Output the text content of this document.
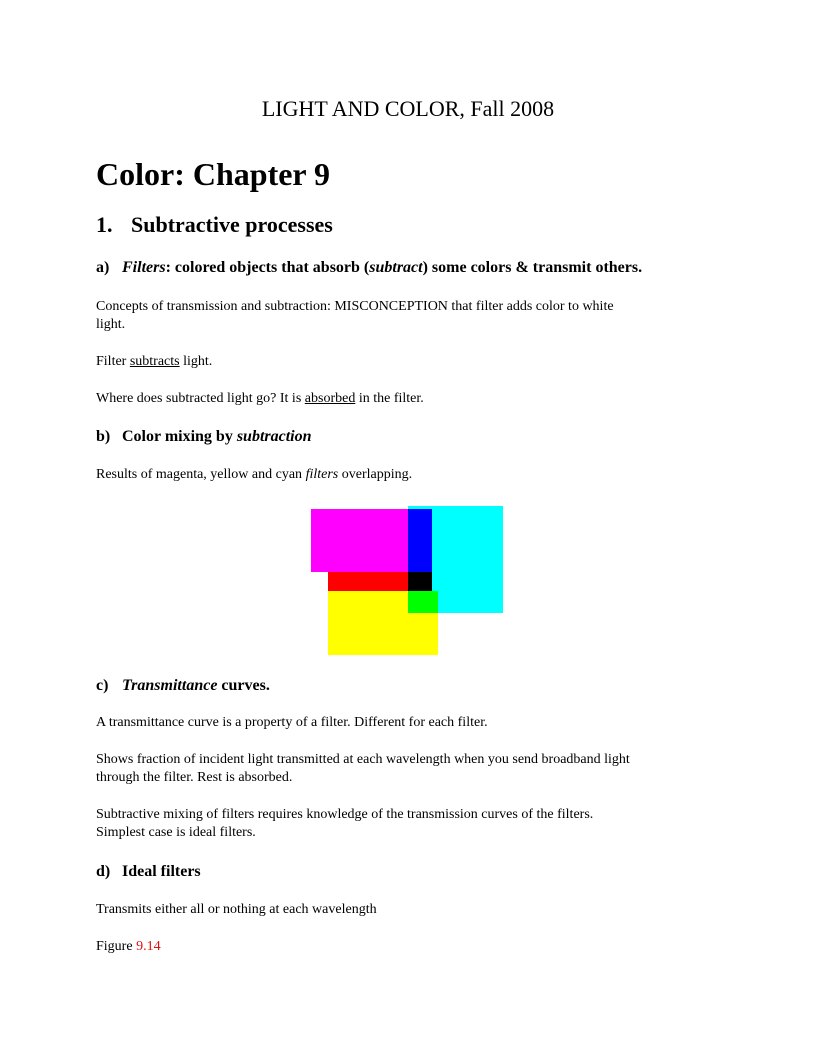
LIGHT AND COLOR, Fall 2008
Color: Chapter 9
1. Subtractive processes
a) Filters: colored objects that absorb (subtract) some colors & transmit others.
Concepts of transmission and subtraction: MISCONCEPTION that filter adds color to white
light.
Filter subtracts light.
Where does subtracted light go? It is absorbed in the filter.
b) Color mixing by subtraction
Results of magenta, yellow and cyan filters overlapping.
c) Transmittance curves.
A transmittance curve is a property of a filter. Different for each filter.
Shows fraction of incident light transmitted at each wavelength when you send broadband light
through the filter. Rest is absorbed.
Subtractive mixing of filters requires knowledge of the transmission curves of the filters.
Simplest case is ideal filters.
d) Ideal filters
Transmits either all or nothing at each wavelength
Figure 9.14
